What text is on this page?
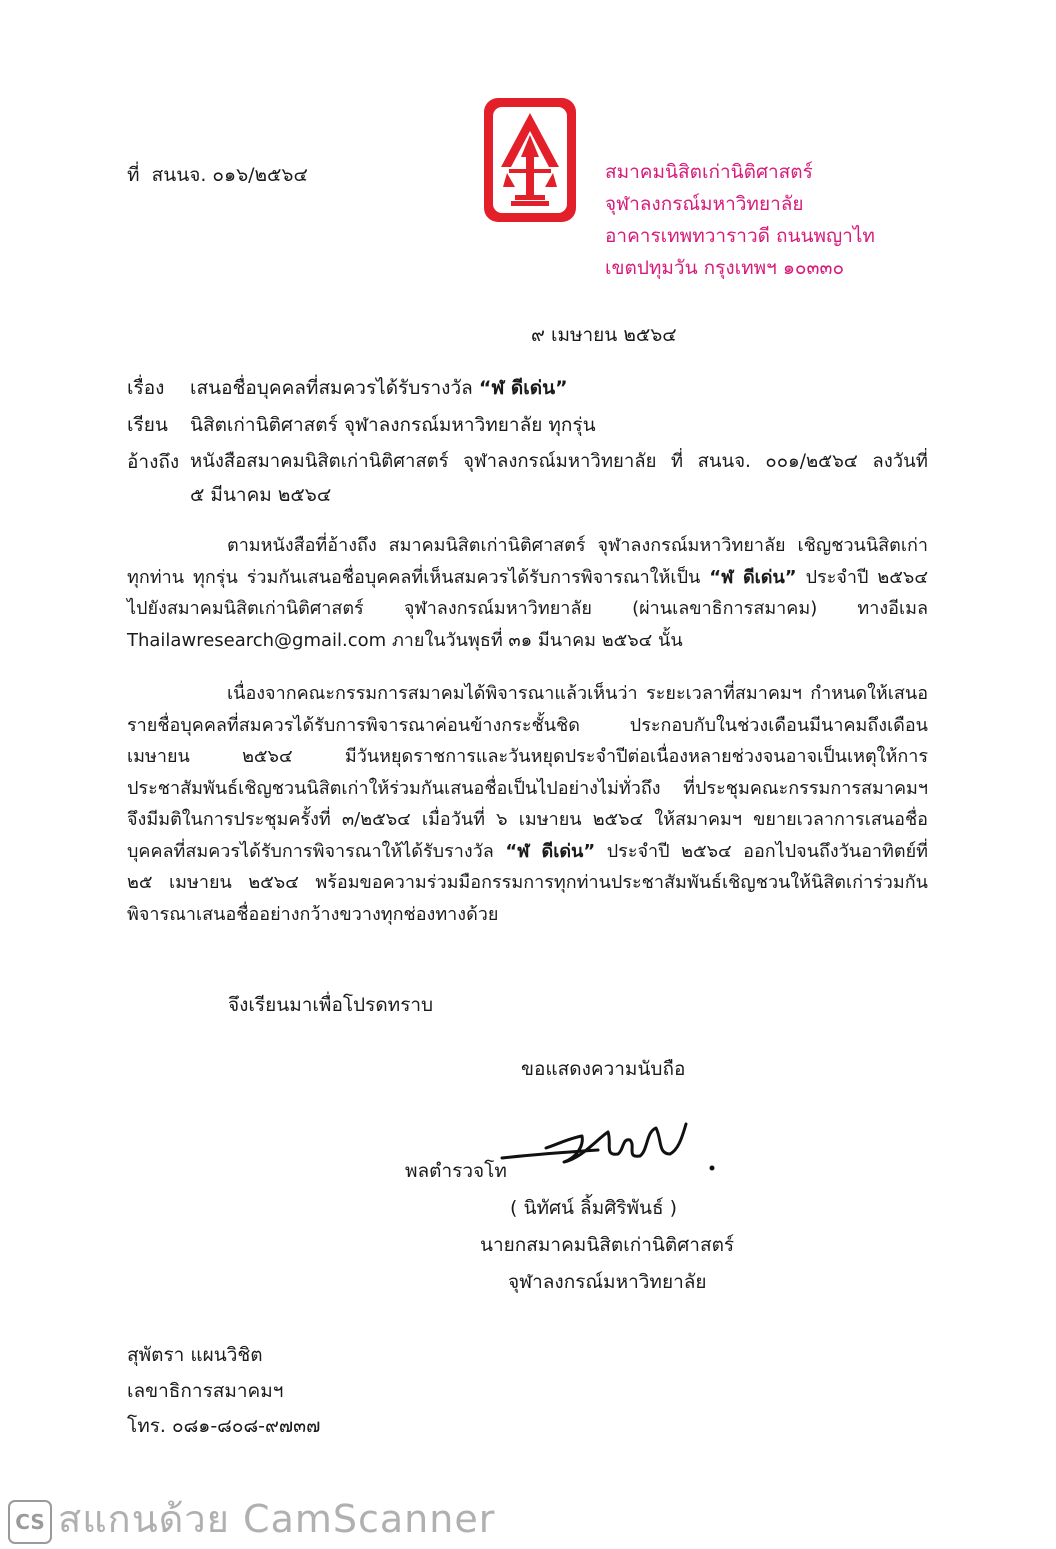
ที่ สนนจ. ๐๑๖/๒๕๖๔	สมาคมนิสิตเก่านิติศาสตร์
จุฬาลงกรณ์มหาวิทยาลัย
อาคารเทพทวาราวดี ถนนพญาไท
เขตปทุมวัน กรุงเทพฯ ๑๐๓๓๐
๙ เมษายน ๒๕๖๔
เรื่อง เสนอชื่อบุคคลที่สมควรได้รับรางวัล “ฬ ดีเด่น”
เรียน นิสิตเก่านิติศาสตร์ จุฬาลงกรณ์มหาวิทยาลัย ทุกรุ่น
อ้างถึง หนังสือสมาคมนิสิตเก่านิติศาสตร์ จุฬาลงกรณ์มหาวิทยาลัย ที่ สนนจ. ๐๐๑/๒๕๖๔ ลงวันที่
๕ มีนาคม ๒๕๖๔
ตามหนังสือที่อ้างถึง สมาคมนิสิตเก่านิติศาสตร์ จุฬาลงกรณ์มหาวิทยาลัย เชิญชวนนิสิตเก่าทุกท่าน ทุกรุ่น ร่วมกันเสนอชื่อบุคคลที่เห็นสมควรได้รับการพิจารณาให้เป็น “ฬ ดีเด่น” ประจำปี ๒๕๖๔ ไปยังสมาคมนิสิตเก่านิติศาสตร์ จุฬาลงกรณ์มหาวิทยาลัย (ผ่านเลขาธิการสมาคม) ทางอีเมล Thailawresearch@gmail.com ภายในวันพุธที่ ๓๑ มีนาคม ๒๕๖๔ นั้น
เนื่องจากคณะกรรมการสมาคมได้พิจารณาแล้วเห็นว่า ระยะเวลาที่สมาคมฯ กำหนดให้เสนอรายชื่อบุคคลที่สมควรได้รับการพิจารณาค่อนข้างกระชั้นชิด ประกอบกับในช่วงเดือนมีนาคมถึงเดือนเมษายน ๒๕๖๔ มีวันหยุดราชการและวันหยุดประจำปีต่อเนื่องหลายช่วงจนอาจเป็นเหตุให้การประชาสัมพันธ์เชิญชวนนิสิตเก่าให้ร่วมกันเสนอชื่อเป็นไปอย่างไม่ทั่วถึง ที่ประชุมคณะกรรมการสมาคมฯ จึงมีมติในการประชุมครั้งที่ ๓/๒๕๖๔ เมื่อวันที่ ๖ เมษายน ๒๕๖๔ ให้สมาคมฯ ขยายเวลาการเสนอชื่อบุคคลที่สมควรได้รับการพิจารณาให้ได้รับรางวัล “ฬ ดีเด่น” ประจำปี ๒๕๖๔ ออกไปจนถึงวันอาทิตย์ที่ ๒๕ เมษายน ๒๕๖๔ พร้อมขอความร่วมมือกรรมการทุกท่านประชาสัมพันธ์เชิญชวนให้นิสิตเก่าร่วมกันพิจารณาเสนอชื่ออย่างกว้างขวางทุกช่องทางด้วย
จึงเรียนมาเพื่อโปรดทราบ
ขอแสดงความนับถือ
พลตำรวจโท
( นิทัศน์ ลิ้มศิริพันธ์ )
นายกสมาคมนิสิตเก่านิติศาสตร์
จุฬาลงกรณ์มหาวิทยาลัย
สุพัตรา แผนวิชิต
เลขาธิการสมาคมฯ
โทร. ๐๘๑-๘๐๘-๙๗๓๗
CS สแกนด้วย CamScanner
